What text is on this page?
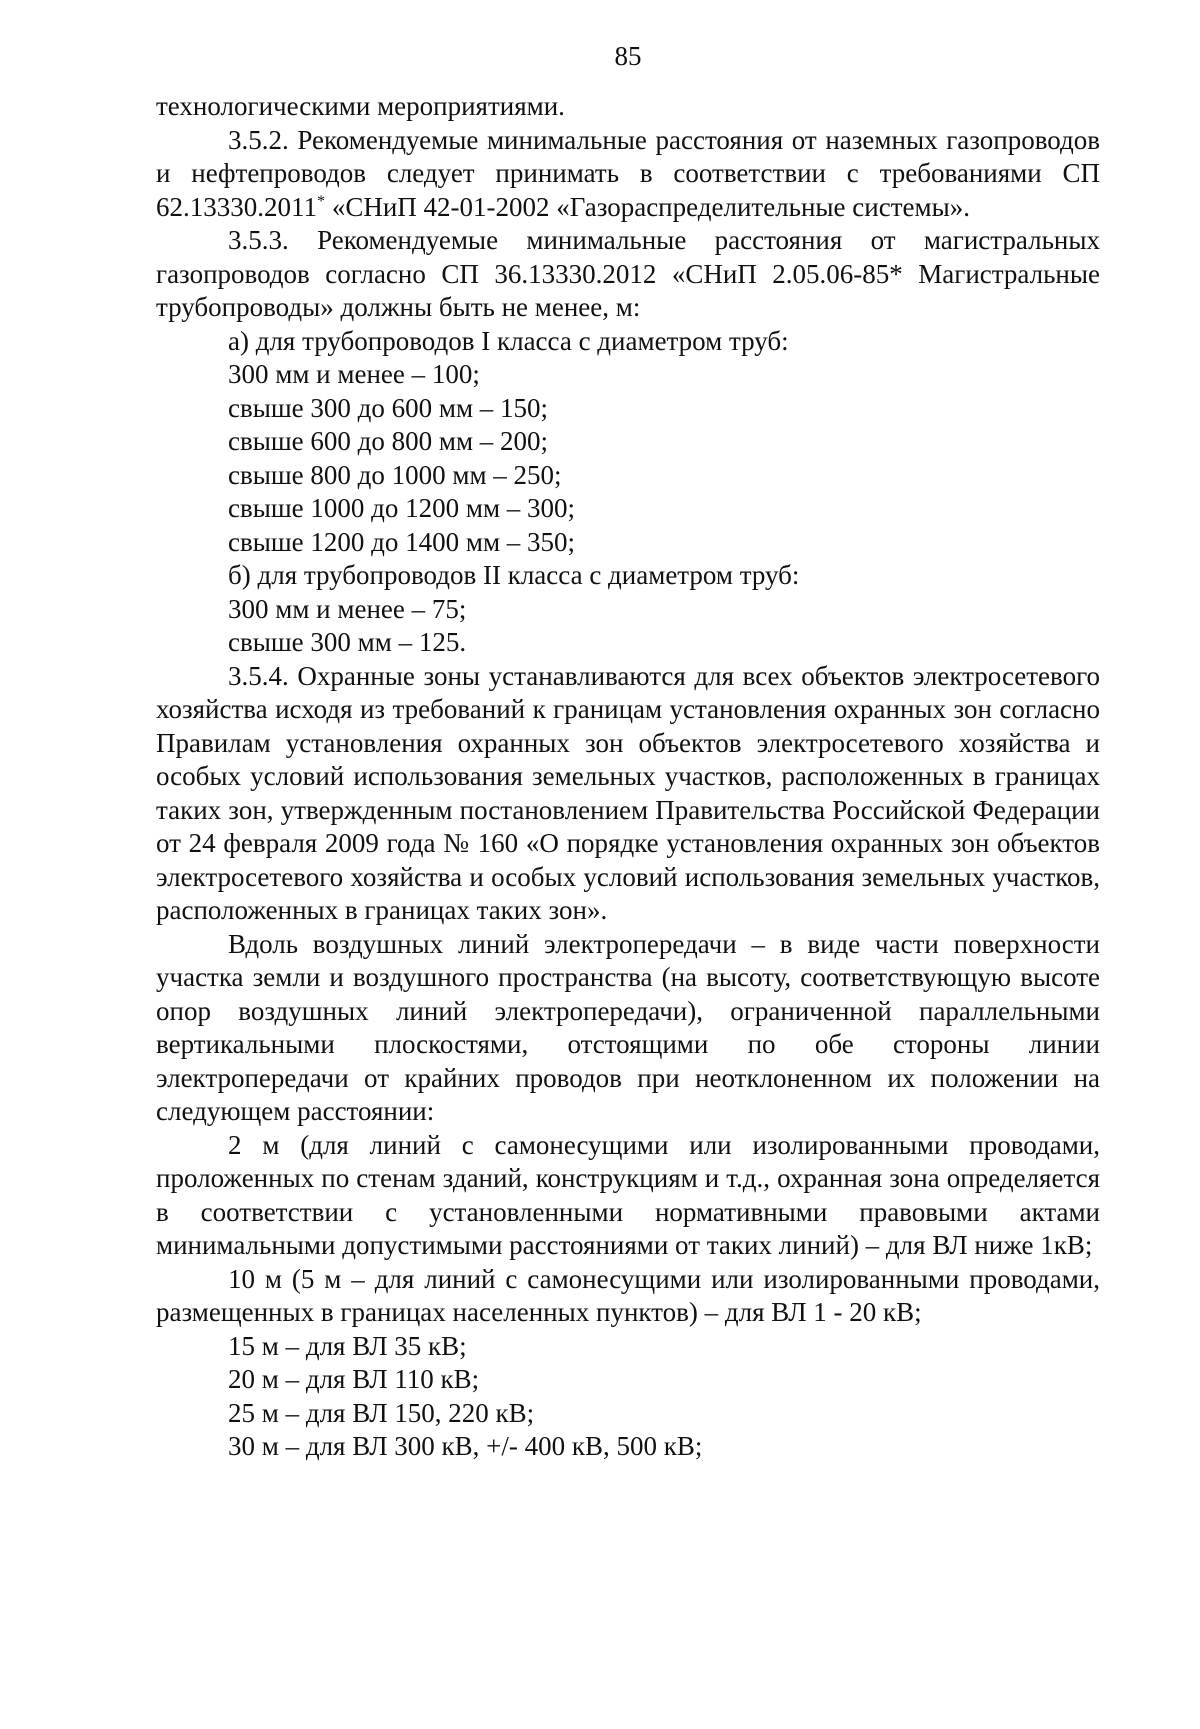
85

технологическими мероприятиями.

3.5.2. Рекомендуемые минимальные расстояния от наземных газопроводов и нефтепроводов следует принимать в соответствии с требованиями СП 62.13330.2011* «СНиП 42-01-2002 «Газораспределительные системы».

3.5.3. Рекомендуемые минимальные расстояния от магистральных газопроводов согласно СП 36.13330.2012 «СНиП 2.05.06-85* Магистральные трубопроводы» должны быть не менее, м:

а) для трубопроводов I класса с диаметром труб:
300 мм и менее – 100;
свыше 300 до 600 мм – 150;
свыше 600 до 800 мм – 200;
свыше 800 до 1000 мм – 250;
свыше 1000 до 1200 мм – 300;
свыше 1200 до 1400 мм – 350;
б) для трубопроводов II класса с диаметром труб:
300 мм и менее – 75;
свыше 300 мм – 125.

3.5.4. Охранные зоны устанавливаются для всех объектов электросетевого хозяйства исходя из требований к границам установления охранных зон согласно Правилам установления охранных зон объектов электросетевого хозяйства и особых условий использования земельных участков, расположенных в границах таких зон, утвержденным постановлением Правительства Российской Федерации от 24 февраля 2009 года № 160 «О порядке установления охранных зон объектов электросетевого хозяйства и особых условий использования земельных участков, расположенных в границах таких зон».

Вдоль воздушных линий электропередачи – в виде части поверхности участка земли и воздушного пространства (на высоту, соответствующую высоте опор воздушных линий электропередачи), ограниченной параллельными вертикальными плоскостями, отстоящими по обе стороны линии электропередачи от крайних проводов при неотклоненном их положении на следующем расстоянии:

2 м (для линий с самонесущими или изолированными проводами, проложенных по стенам зданий, конструкциям и т.д., охранная зона определяется в соответствии с установленными нормативными правовыми актами минимальными допустимыми расстояниями от таких линий) – для ВЛ ниже 1кВ;

10 м (5 м – для линий с самонесущими или изолированными проводами, размещенных в границах населенных пунктов) – для ВЛ 1 - 20 кВ;

15 м – для ВЛ 35 кВ;
20 м – для ВЛ 110 кВ;
25 м – для ВЛ 150, 220 кВ;
30 м – для ВЛ 300 кВ, +/- 400 кВ, 500 кВ;
